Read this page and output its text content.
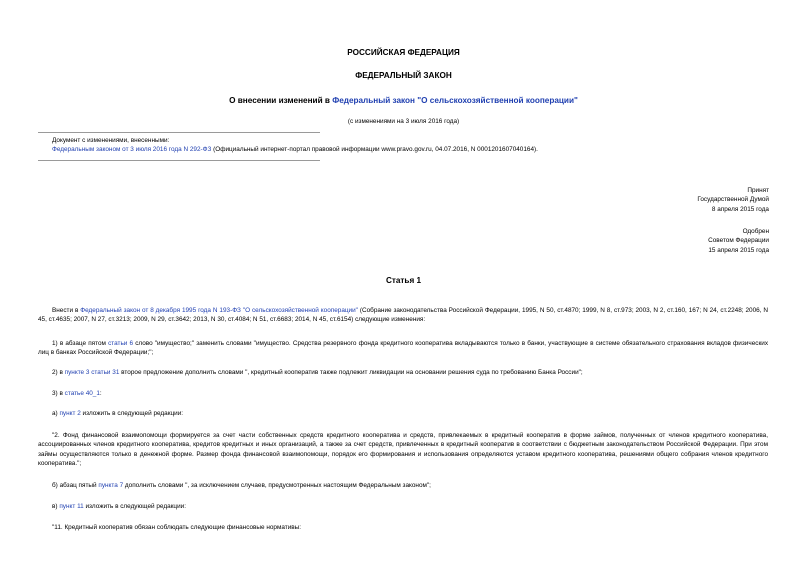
РОССИЙСКАЯ ФЕДЕРАЦИЯ
ФЕДЕРАЛЬНЫЙ ЗАКОН
О внесении изменений в Федеральный закон "О сельскохозяйственной кооперации"
(с изменениями на 3 июля 2016 года)
Документ с изменениями, внесенными:
Федеральным законом от 3 июля 2016 года N 292-ФЗ (Официальный интернет-портал правовой информации www.pravo.gov.ru, 04.07.2016, N 0001201607040164).
Принят
Государственной Думой
8 апреля 2015 года
Одобрен
Советом Федерации
15 апреля 2015 года
Статья 1
Внести в Федеральный закон от 8 декабря 1995 года N 193-ФЗ "О сельскохозяйственной кооперации" (Собрание законодательства Российской Федерации, 1995, N 50, ст.4870; 1999, N 8, ст.973; 2003, N 2, ст.160, 167; N 24, ст.2248; 2006, N 45, ст.4635; 2007, N 27, ст.3213; 2009, N 29, ст.3642; 2013, N 30, ст.4084; N 51, ст.6683; 2014, N 45, ст.6154) следующие изменения:
1) в абзаце пятом статьи 6 слово "имущество;" заменить словами "имущество. Средства резервного фонда кредитного кооператива вкладываются только в банки, участвующие в системе обязательного страхования вкладов физических лиц в банках Российской Федерации;";
2) в пункте 3 статьи 31 второе предложение дополнить словами ", кредитный кооператив также подлежит ликвидации на основании решения суда по требованию Банка России";
3) в статье 40_1:
а) пункт 2 изложить в следующей редакции:
"2. Фонд финансовой взаимопомощи формируется за счет части собственных средств кредитного кооператива и средств, привлекаемых в кредитный кооператив в форме займов, полученных от членов кредитного кооператива, ассоциированных членов кредитного кооператива, кредитов кредитных и иных организаций, а также за счет средств, привлеченных в кредитный кооператив в соответствии с бюджетным законодательством Российской Федерации. При этом займы осуществляются только в денежной форме. Размер фонда финансовой взаимопомощи, порядок его формирования и использования определяются уставом кредитного кооператива, решениями общего собрания членов кредитного кооператива.";
б) абзац пятый пункта 7 дополнить словами ", за исключением случаев, предусмотренных настоящим Федеральным законом";
в) пункт 11 изложить в следующей редакции:
"11. Кредитный кооператив обязан соблюдать следующие финансовые нормативы:
